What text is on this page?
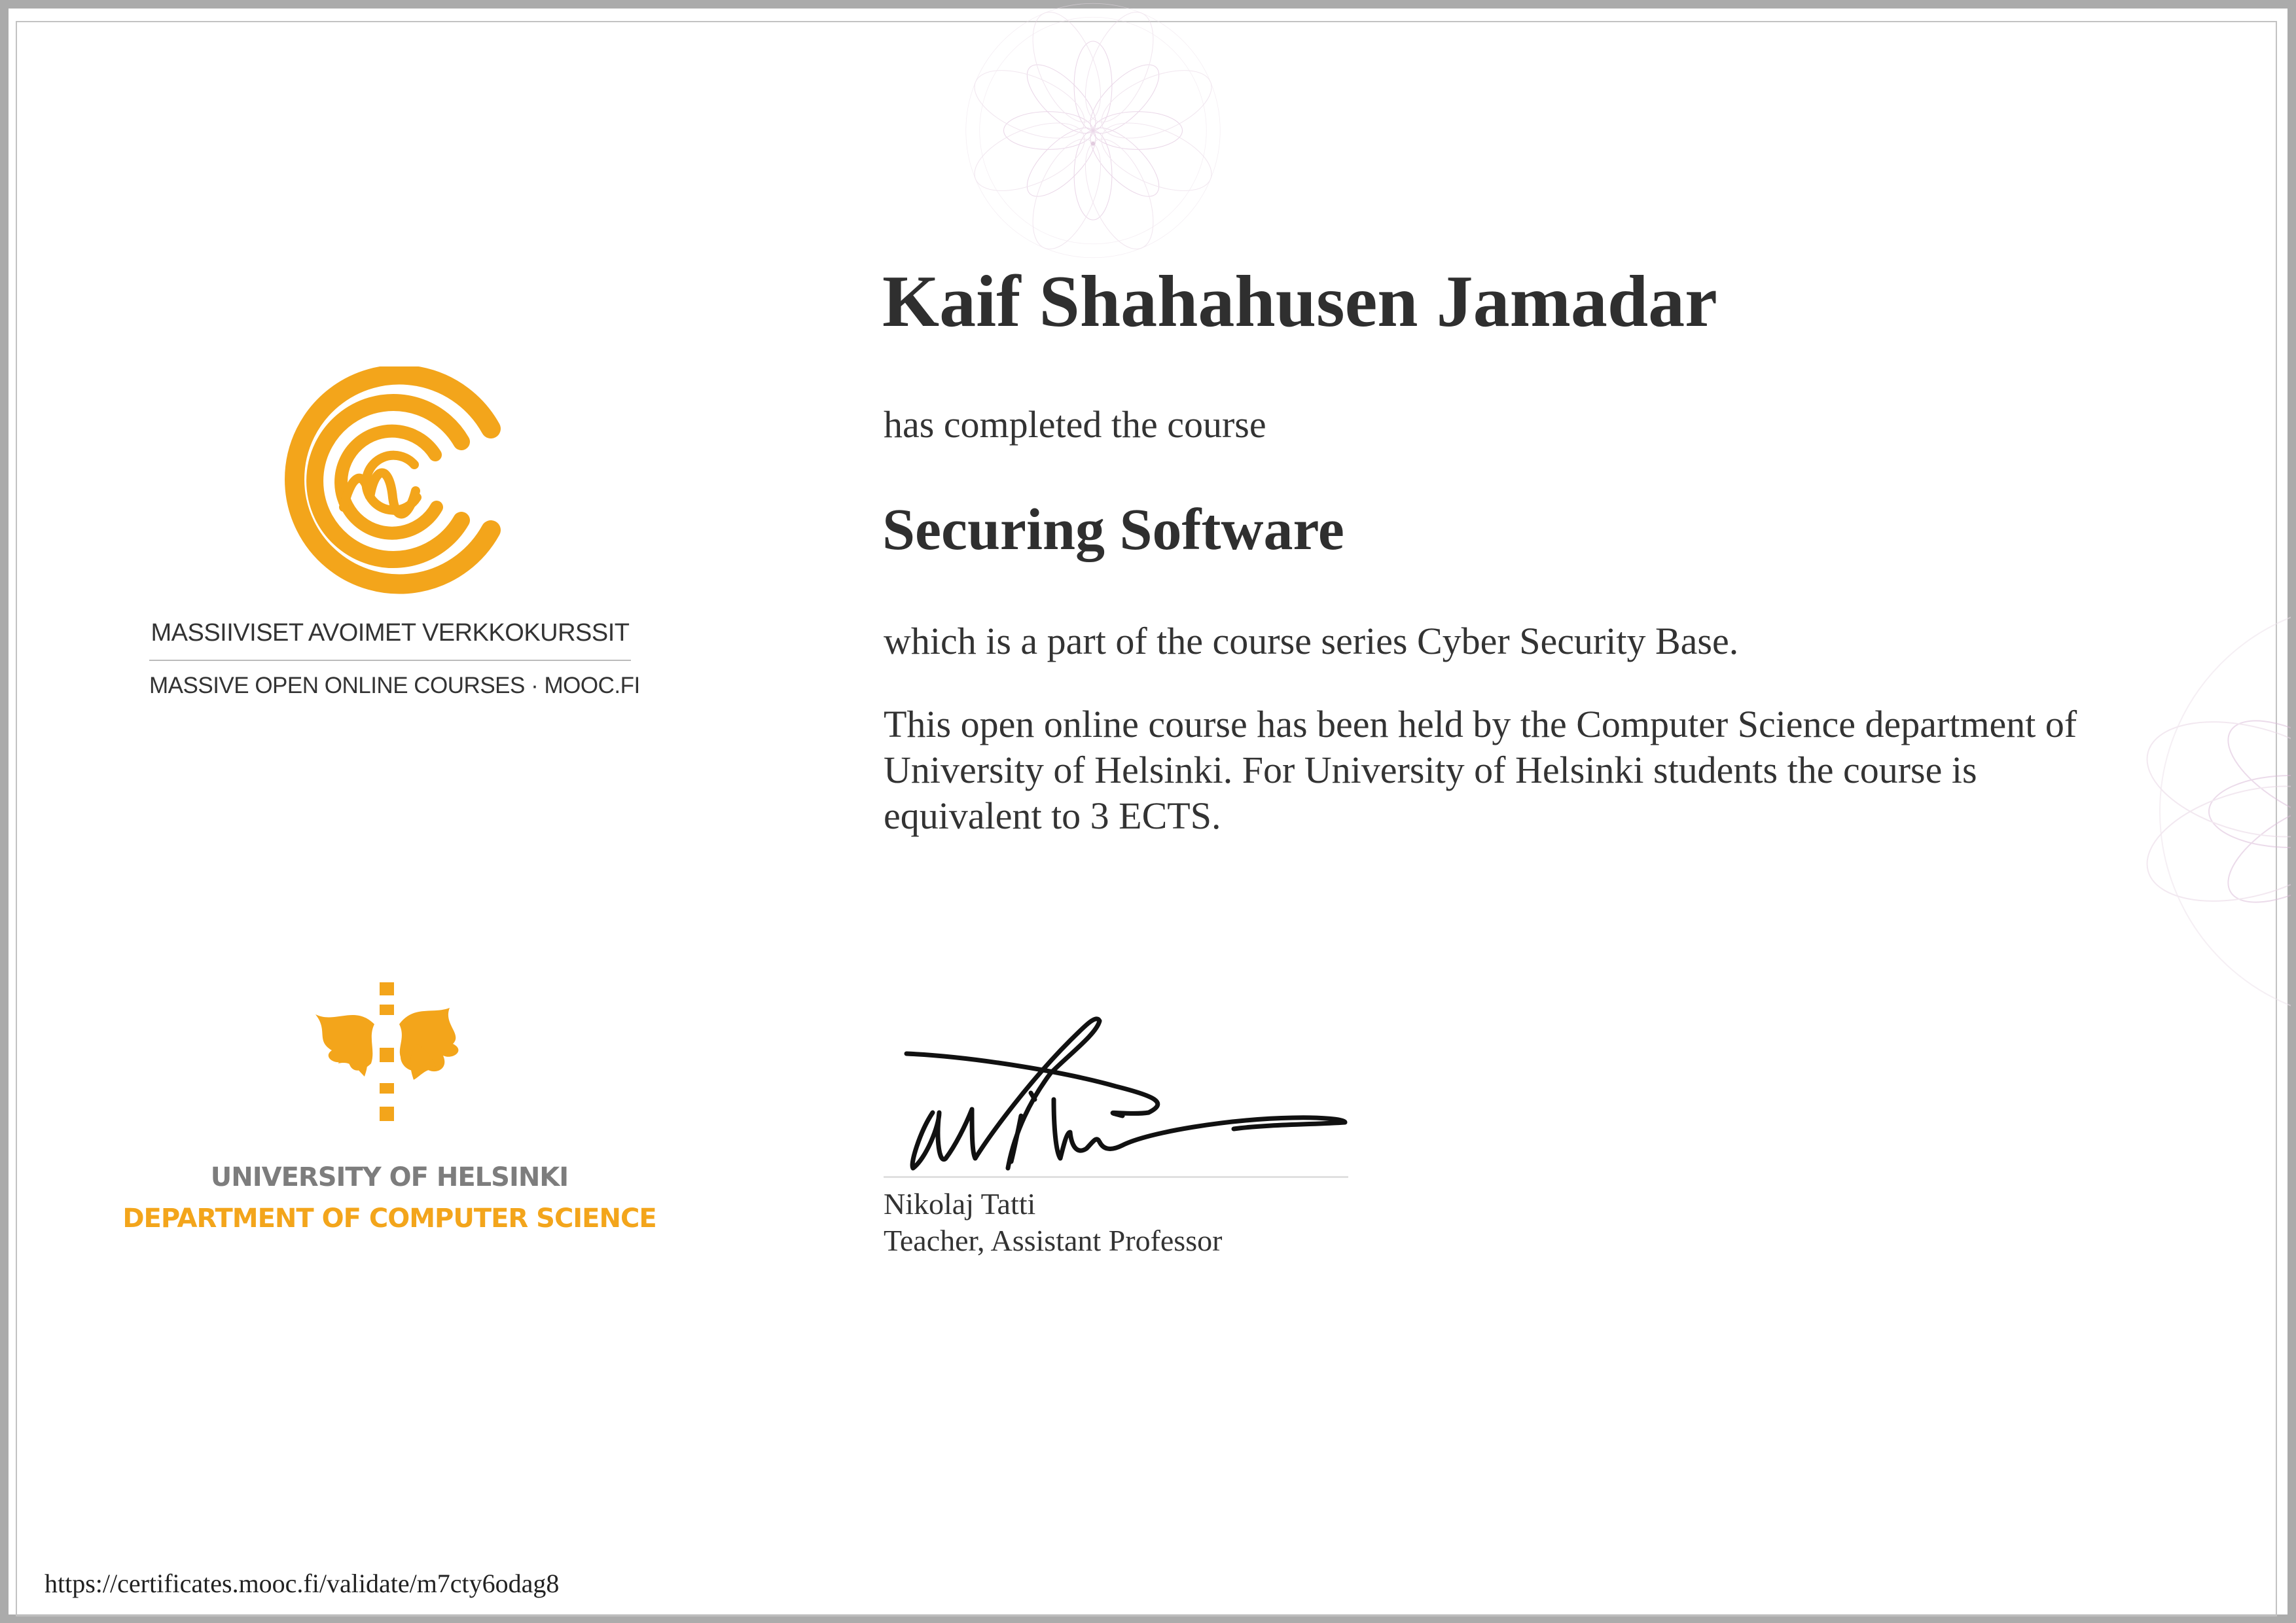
MASSIIVISET AVOIMET VERKKOKURSSIT
MASSIVE OPEN ONLINE COURSES · MOOC.FI
UNIVERSITY OF HELSINKI
DEPARTMENT OF COMPUTER SCIENCE
Kaif Shahahusen Jamadar

has completed the course

Securing Software

which is a part of the course series Cyber Security Base.

This open online course has been held by the Computer Science department of University of Helsinki. For University of Helsinki students the course is equivalent to 3 ECTS.

Nikolaj Tatti
Teacher, Assistant Professor
https://certificates.mooc.fi/validate/m7cty6odag8
